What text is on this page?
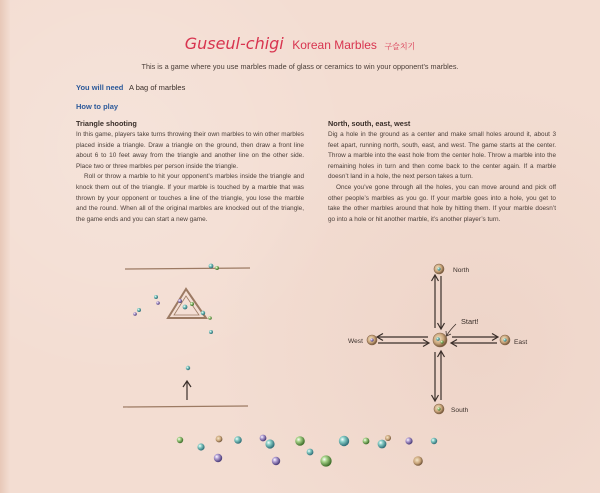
Guseul-chigi Korean Marbles 구슬치기
This is a game where you use marbles made of glass or ceramics to win your opponent’s marbles.
You will need A bag of marbles
How to play
Triangle shooting

In this game, players take turns throwing their own marbles to win other marbles placed inside a triangle. Draw a triangle on the ground, then draw a front line about 6 to 10 feet away from the triangle and another line on the other side. Place two or three marbles per person inside the triangle.

Roll or throw a marble to hit your opponent’s marbles inside the triangle and knock them out of the triangle. If your marble is touched by a marble that was thrown by your opponent or touches a line of the triangle, you lose the marble and the round. When all of the original marbles are knocked out of the triangle, the game ends and you can start a new game.

North, south, east, west

Dig a hole in the ground as a center and make small holes around it, about 3 feet apart, running north, south, east, and west. The game starts at the center. Throw a marble into the east hole from the center hole. Throw a marble into the remaining holes in turn and then come back to the center again. If a marble doesn’t land in a hole, the next person takes a turn.

Once you’ve gone through all the holes, you can move around and pick off other people’s marbles as you go. If your marble goes into a hole, you get to take the other marbles around that hole by hitting them. If your marble doesn’t go into a hole or hit another marble, it’s another player’s turn.

North
South
East
West
Start!
